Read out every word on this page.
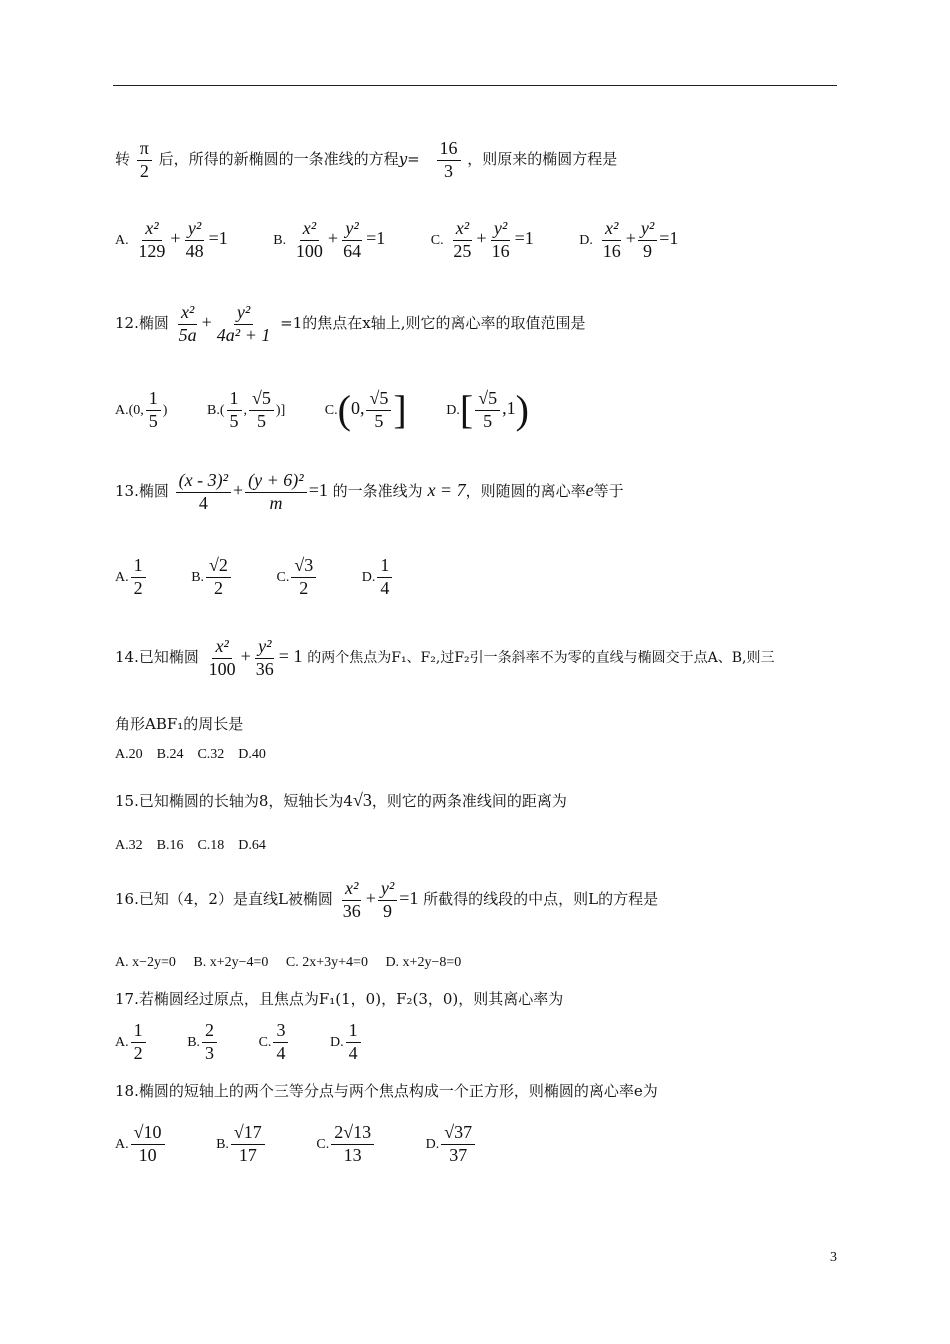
转 $\frac{\pi}{2}$ 后，所得的新椭圆的一条准线的方程$y= \frac{16}{3}$ ，则原来的椭圆方程是
A. $\frac{\text{x²}}{129} + \frac{\text{y²}}{48} =1$	B. $\frac{\text{x²}}{100} + \frac{\text{y²}}{64} =1$	C. $\frac{\text{x²}}{25} + \frac{\text{y²}}{16} =1$	D. $\frac{\text{x²}}{16} + \frac{\text{y²}}{9} =1$
12.椭圆 $\frac{\text{x²}}{5a} + \frac{\text{y²}}{\text{4a² + 1}} =1$的焦点在x轴上,则它的离心率的取值范围是
A.(0, $\frac{1}{5}$ )	$B.( \frac{1}{5}$ , $\frac{√5}{5}$ )]	C.(0, $\frac{√5}{5}$ ]	$D.[ \frac{√5}{5} ,1)$
13.椭圆 $\frac{\text{(x - 3)²}}{4} + \frac{\text{(y + 6)²}}{m} =1$ 的一条准线为 x = 7，则随圆的离心率e等于
A. $\frac{1}{2}$	B. $\frac{√2}{2}$	C. $\frac{√3}{2}$	D. $\frac{1}{4}$
14.已知椭圆 $\frac{\text{x²}}{100} + \frac{\text{y²}}{36} = 1$ 的两个焦点为F₁、F₂,过F₂引一条斜率不为零的直线与椭圆交于点A、B,则三
角形ABF₁的周长是
A.20    B.24    C.32    D.40
15.已知椭圆的长轴为8，短轴长为4√3，则它的两条准线间的距离为
A.32    B.16    C.18    D.64
16.已知（4，2）是直线L被椭圆 $\frac{\text{x²}}{36} + \frac{\text{y²}}{9} =1$ 所截得的线段的中点，则L的方程是
A. x−2y=0     B. x+2y−4=0     C. 2x+3y+4=0     D. x+2y−8=0
17.若椭圆经过原点，且焦点为F₁(1，0)，F₂(3，0)，则其离心率为
A. $\frac{1}{2}$	B. $\frac{2}{3}$	C. $\frac{3}{4}$	D. $\frac{1}{4}$
18.椭圆的短轴上的两个三等分点与两个焦点构成一个正方形，则椭圆的离心率e为
A. $\frac{√10}{10}$	B. $\frac{√17}{17}$	C. $\frac{2√13}{13}$	D. $\frac{√37}{37}$
3
